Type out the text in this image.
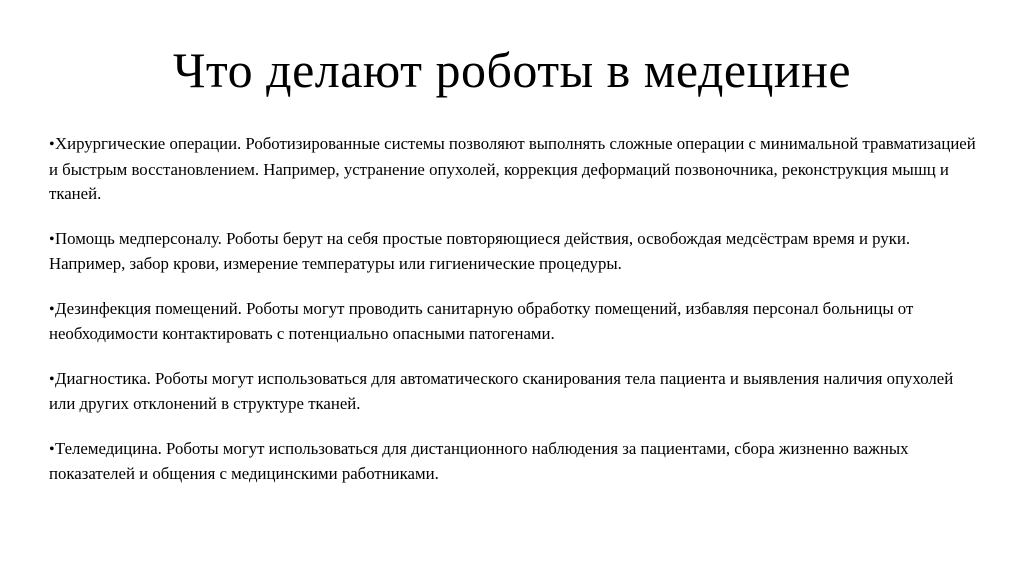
Что делают роботы в медецине
•Хирургические операции. Роботизированные системы позволяют выполнять сложные операции с минимальной травматизацией и быстрым восстановлением. Например, устранение опухолей, коррекция деформаций позвоночника, реконструкция мышц и тканей.
•Помощь медперсоналу. Роботы берут на себя простые повторяющиеся действия, освобождая медсёстрам время и руки. Например, забор крови, измерение температуры или гигиенические процедуры.
•Дезинфекция помещений. Роботы могут проводить санитарную обработку помещений, избавляя персонал больницы от необходимости контактировать с потенциально опасными патогенами.
•Диагностика. Роботы могут использоваться для автоматического сканирования тела пациента и выявления наличия опухолей или других отклонений в структуре тканей.
•Телемедицина. Роботы могут использоваться для дистанционного наблюдения за пациентами, сбора жизненно важных показателей и общения с медицинскими работниками.
